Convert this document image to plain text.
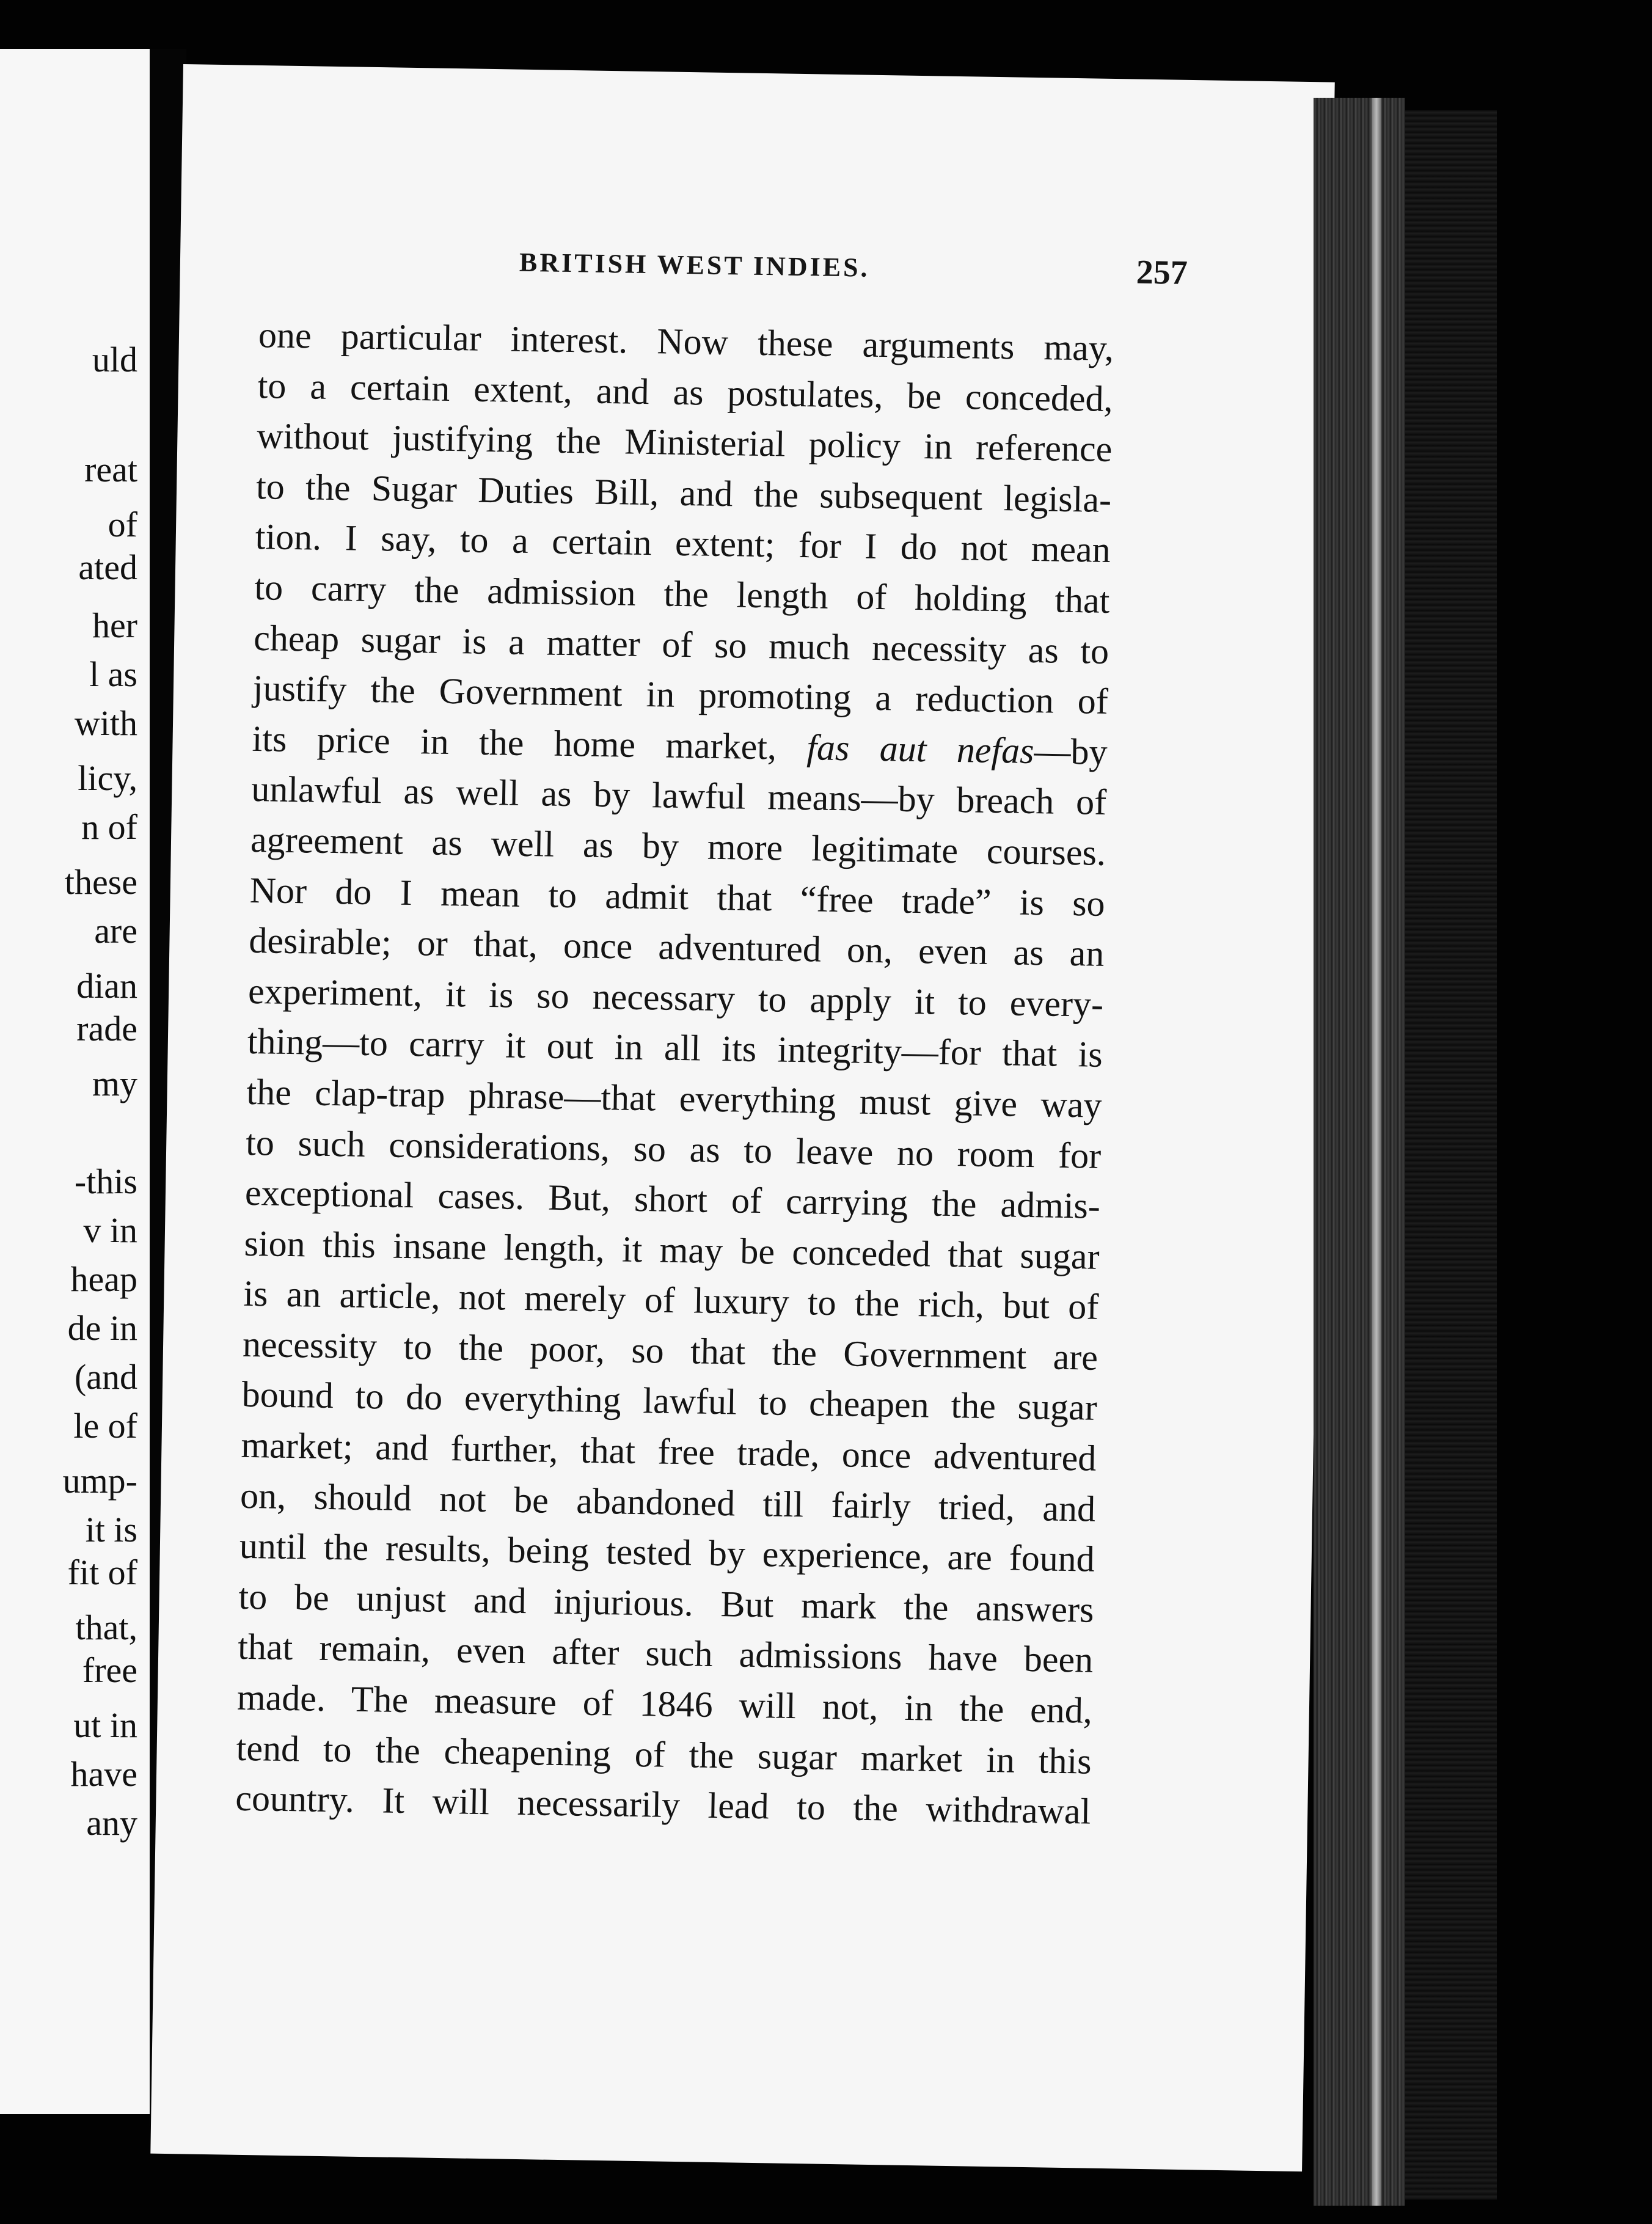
uld
reat
of
ated
her
l as
with
licy,
n of
these
are
dian
rade
my
-this
v in
heap
de in
(and
le of
ump-
it is
fit of
that,
free
ut in
have
any
BRITISH WEST INDIES.	257
one particular interest. Now these arguments may,
to a certain extent, and as postulates, be conceded,
without justifying the Ministerial policy in reference
to the Sugar Duties Bill, and the subsequent legisla-
tion. I say, to a certain extent; for I do not mean
to carry the admission the length of holding that
cheap sugar is a matter of so much necessity as to
justify the Government in promoting a reduction of
its price in the home market, fas aut nefas—by
unlawful as well as by lawful means—by breach of
agreement as well as by more legitimate courses.
Nor do I mean to admit that “free trade” is so
desirable; or that, once adventured on, even as an
experiment, it is so necessary to apply it to every-
thing—to carry it out in all its integrity—for that is
the clap-trap phrase—that everything must give way
to such considerations, so as to leave no room for
exceptional cases. But, short of carrying the admis-
sion this insane length, it may be conceded that sugar
is an article, not merely of luxury to the rich, but of
necessity to the poor, so that the Government are
bound to do everything lawful to cheapen the sugar
market; and further, that free trade, once adventured
on, should not be abandoned till fairly tried, and
until the results, being tested by experience, are found
to be unjust and injurious. But mark the answers
that remain, even after such admissions have been
made. The measure of 1846 will not, in the end,
tend to the cheapening of the sugar market in this
country. It will necessarily lead to the withdrawal
